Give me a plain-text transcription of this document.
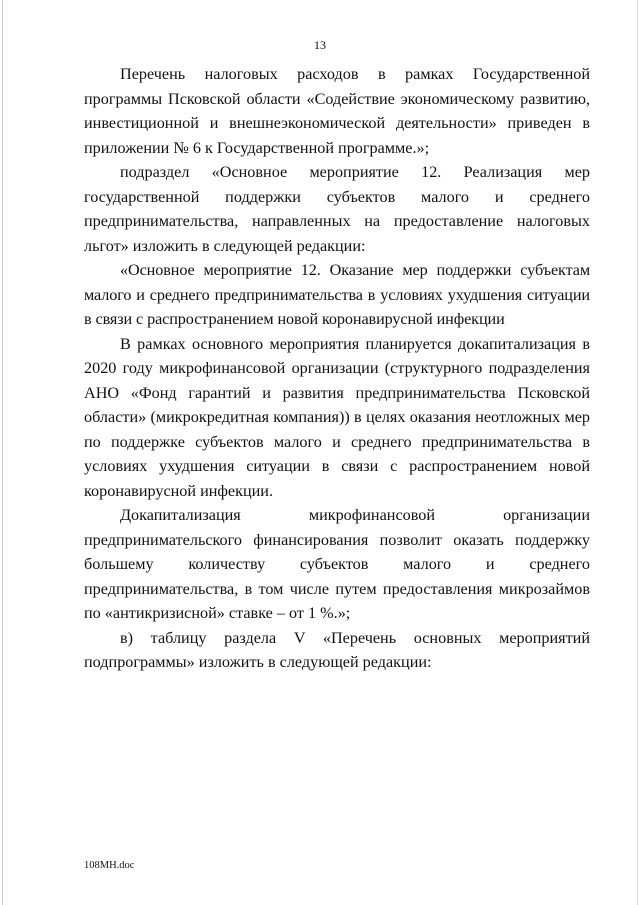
13

Перечень налоговых расходов в рамках Государственной программы Псковской области «Содействие экономическому развитию, инвестиционной и внешнеэкономической деятельности» приведен в приложении № 6 к Государственной программе.»;

подраздел «Основное мероприятие 12. Реализация мер государственной поддержки субъектов малого и среднего предпринимательства, направленных на предоставление налоговых льгот» изложить в следующей редакции:

«Основное мероприятие 12. Оказание мер поддержки субъектам малого и среднего предпринимательства в условиях ухудшения ситуации в связи с распространением новой коронавирусной инфекции

В рамках основного мероприятия планируется докапитализация в 2020 году микрофинансовой организации (структурного подразделения АНО «Фонд гарантий и развития предпринимательства Псковской области» (микрокредитная компания)) в целях оказания неотложных мер по поддержке субъектов малого и среднего предпринимательства в условиях ухудшения ситуации в связи с распространением новой коронавирусной инфекции.

Докапитализация микрофинансовой организации предпринимательского финансирования позволит оказать поддержку большему количеству субъектов малого и среднего предпринимательства, в том числе путем предоставления микрозаймов по «антикризисной» ставке – от 1 %.»;

в) таблицу раздела V «Перечень основных мероприятий подпрограммы» изложить в следующей редакции:

108МН.doc
